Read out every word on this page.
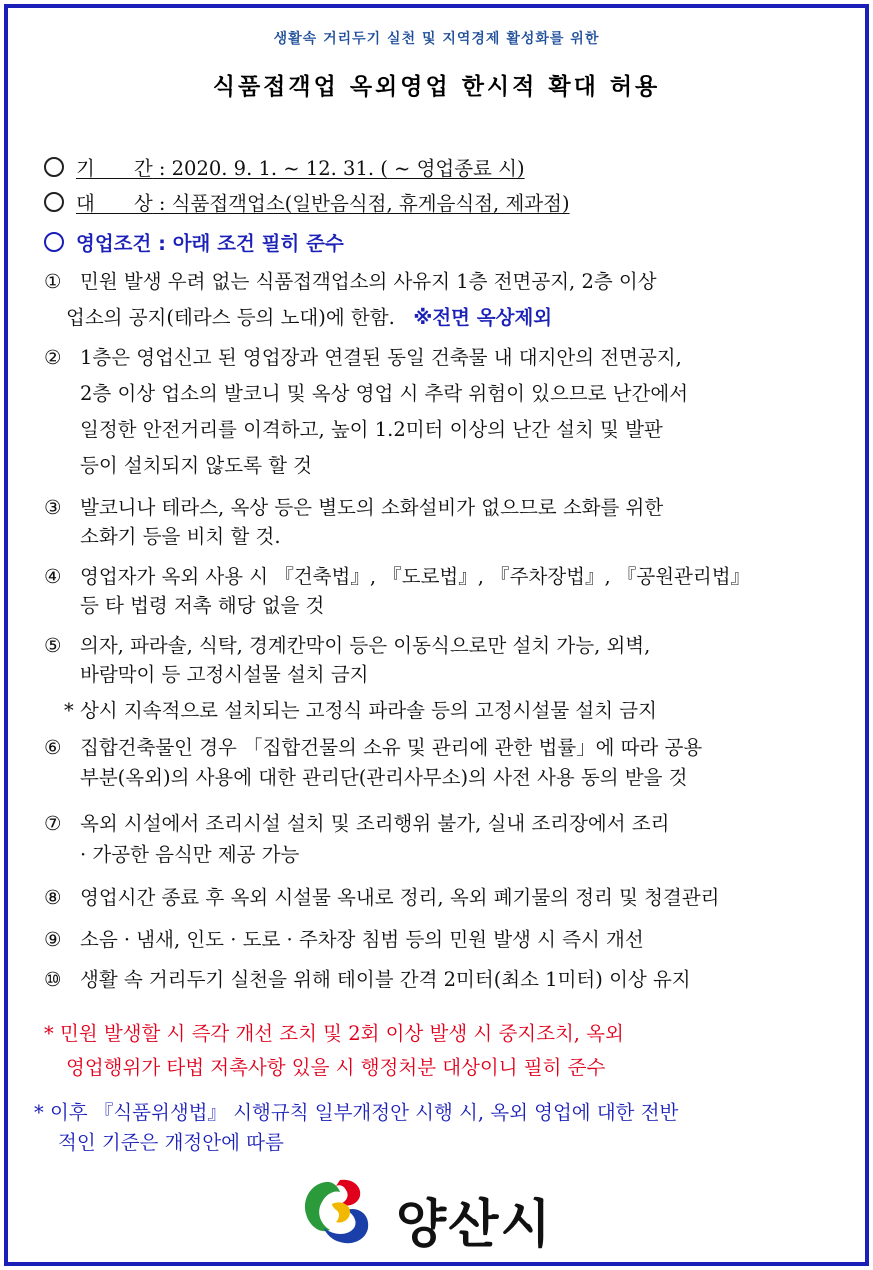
생활속 거리두기 실천 및 지역경제 활성화를 위한
식품접객업 옥외영업 한시적 확대 허용
기　　간 : 2020. 9. 1. ~ 12. 31. ( ~ 영업종료 시)
대　　상 : 식품접객업소(일반음식점, 휴게음식점, 제과점)
영업조건 : 아래 조건 필히 준수
① 민원 발생 우려 없는 식품접객업소의 사유지 1층 전면공지, 2층 이상
업소의 공지(테라스 등의 노대)에 한함. ※전면 옥상제외
② 1층은 영업신고 된 영업장과 연결된 동일 건축물 내 대지안의 전면공지,
2층 이상 업소의 발코니 및 옥상 영업 시 추락 위험이 있으므로 난간에서
일정한 안전거리를 이격하고, 높이 1.2미터 이상의 난간 설치 및 발판
등이 설치되지 않도록 할 것
③ 발코니나 테라스, 옥상 등은 별도의 소화설비가 없으므로 소화를 위한
소화기 등을 비치 할 것.
④ 영업자가 옥외 사용 시 『건축법』, 『도로법』, 『주차장법』, 『공원관리법』
등 타 법령 저촉 해당 없을 것
⑤ 의자, 파라솔, 식탁, 경계칸막이 등은 이동식으로만 설치 가능, 외벽,
바람막이 등 고정시설물 설치 금지
* 상시 지속적으로 설치되는 고정식 파라솔 등의 고정시설물 설치 금지
⑥ 집합건축물인 경우 「집합건물의 소유 및 관리에 관한 법률」에 따라 공용
부분(옥외)의 사용에 대한 관리단(관리사무소)의 사전 사용 동의 받을 것
⑦ 옥외 시설에서 조리시설 설치 및 조리행위 불가, 실내 조리장에서 조리
· 가공한 음식만 제공 가능
⑧ 영업시간 종료 후 옥외 시설물 옥내로 정리, 옥외 폐기물의 정리 및 청결관리
⑨ 소음 · 냄새, 인도 · 도로 · 주차장 침범 등의 민원 발생 시 즉시 개선
⑩ 생활 속 거리두기 실천을 위해 테이블 간격 2미터(최소 1미터) 이상 유지
* 민원 발생할 시 즉각 개선 조치 및 2회 이상 발생 시 중지조치, 옥외
영업행위가 타법 저촉사항 있을 시 행정처분 대상이니 필히 준수
* 이후 『식품위생법』 시행규칙 일부개정안 시행 시, 옥외 영업에 대한 전반
적인 기준은 개정안에 따름
양산시
